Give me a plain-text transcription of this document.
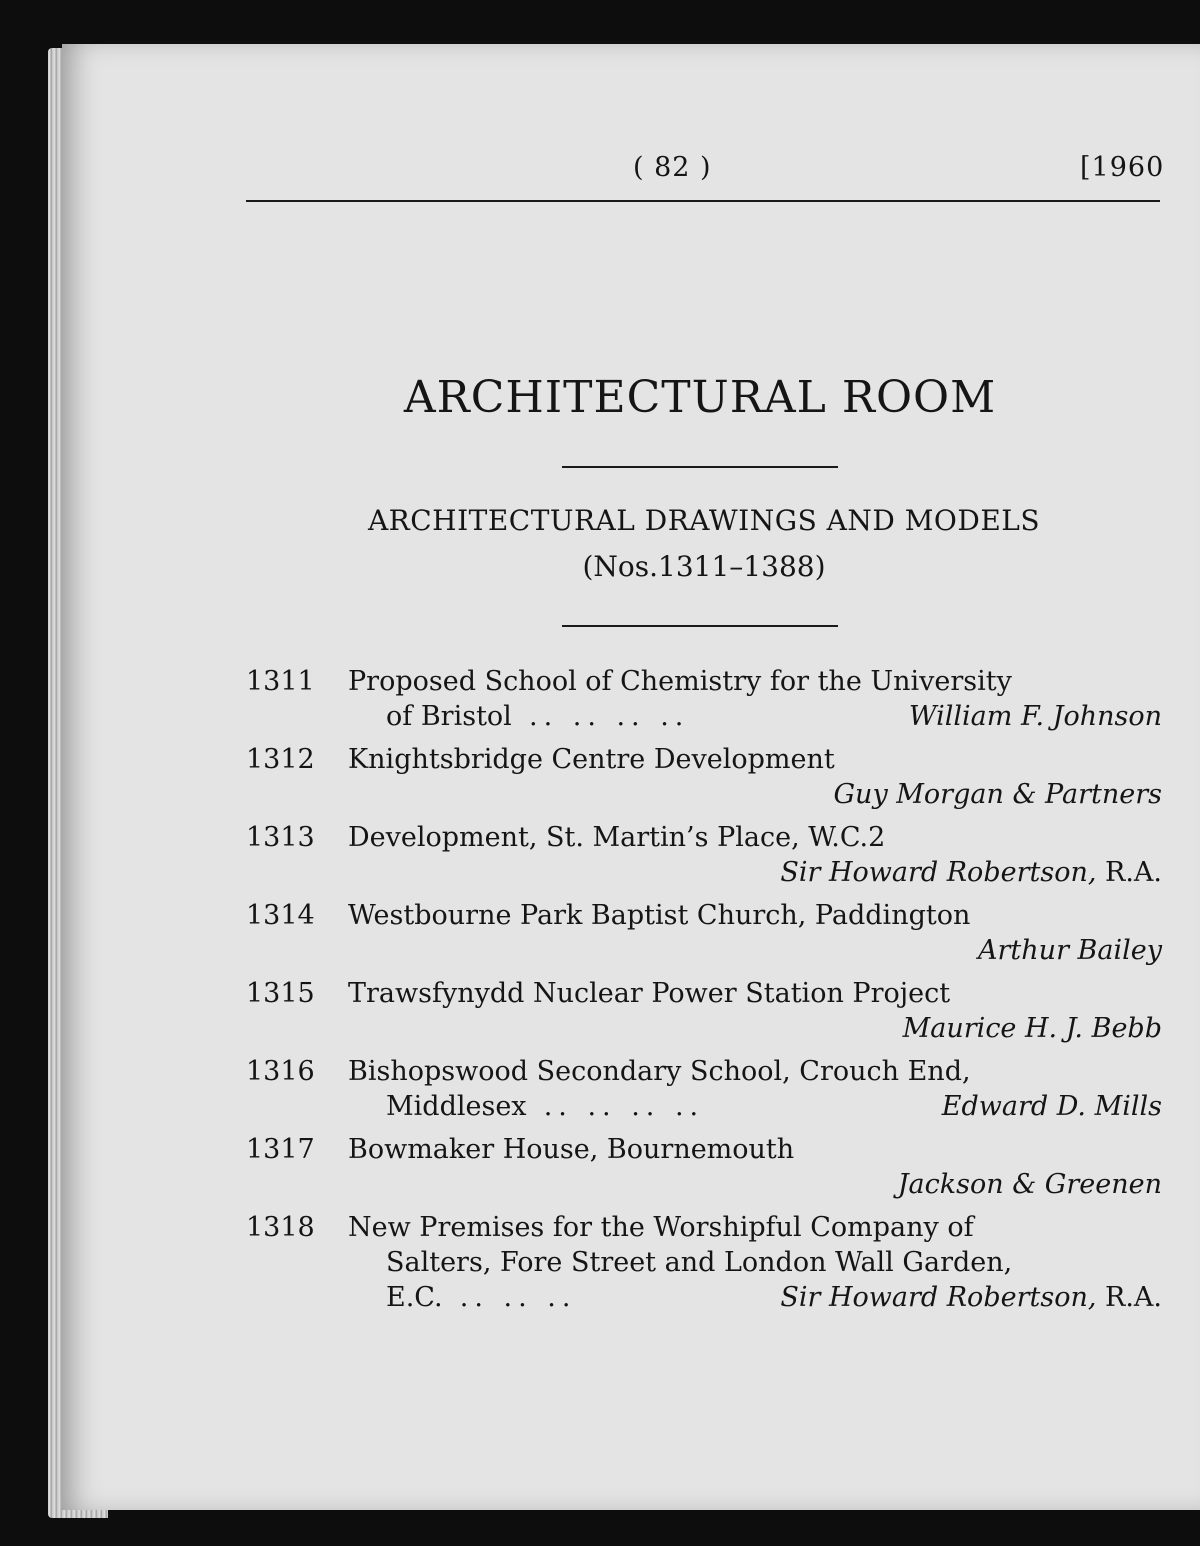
( 82 )	[1960
ARCHITECTURAL ROOM
ARCHITECTURAL DRAWINGS AND MODELS
(Nos.1311–1388)
1311	Proposed School of Chemistry for the University
of Bristol .. .. .. ..	William F. Johnson
1312	Knightsbridge Centre Development
Guy Morgan & Partners
1313	Development, St. Martin’s Place, W.C.2
Sir Howard Robertson, R.A.
1314	Westbourne Park Baptist Church, Paddington
Arthur Bailey
1315	Trawsfynydd Nuclear Power Station Project
Maurice H. J. Bebb
1316	Bishopswood Secondary School, Crouch End,
Middlesex .. .. .. ..	Edward D. Mills
1317	Bowmaker House, Bournemouth
Jackson & Greenen
1318	New Premises for the Worshipful Company of
Salters, Fore Street and London Wall Garden,
E.C. .. .. ..	Sir Howard Robertson, R.A.
